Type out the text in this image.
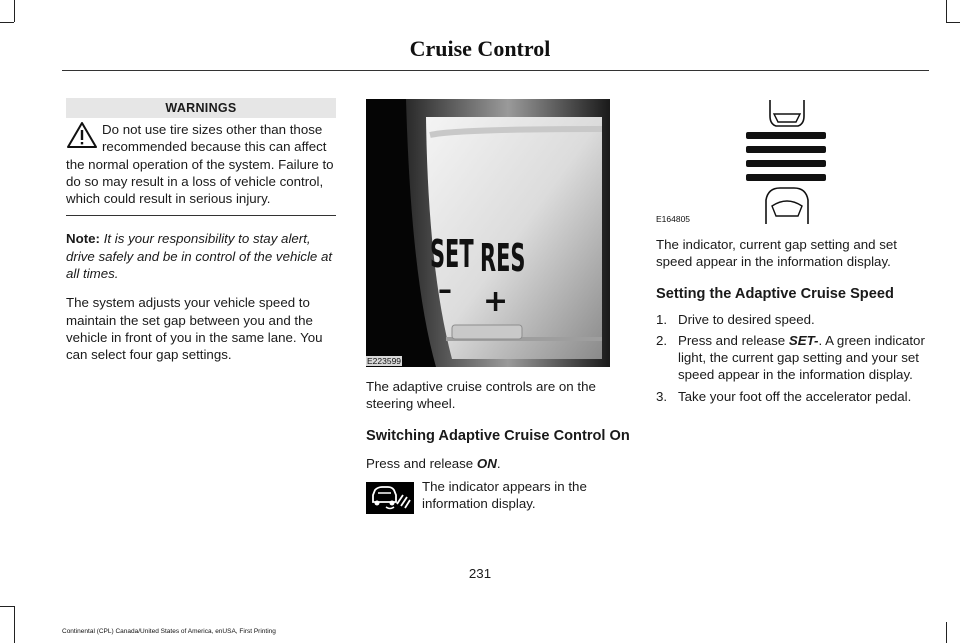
Cruise Control
WARNINGS
Do not use tire sizes other than those recommended because this can affect the normal operation of the system. Failure to do so may result in a loss of vehicle control, which could result in serious injury.

Note: It is your responsibility to stay alert, drive safely and be in control of the vehicle at all times.

The system adjusts your vehicle speed to maintain the set gap between you and the vehicle in front of you in the same lane. You can select four gap settings.

SET RES
– +
E223599

The adaptive cruise controls are on the steering wheel.

Switching Adaptive Cruise Control On

Press and release ON.

The indicator appears in the information display.
E164805

The indicator, current gap setting and set speed appear in the information display.

Setting the Adaptive Cruise Speed
1. Drive to desired speed.
2. Press and release SET-. A green indicator light, the current gap setting and your set speed appear in the information display.
3. Take your foot off the accelerator pedal.
231
Continental (CPL) Canada/United States of America, enUSA, First Printing
